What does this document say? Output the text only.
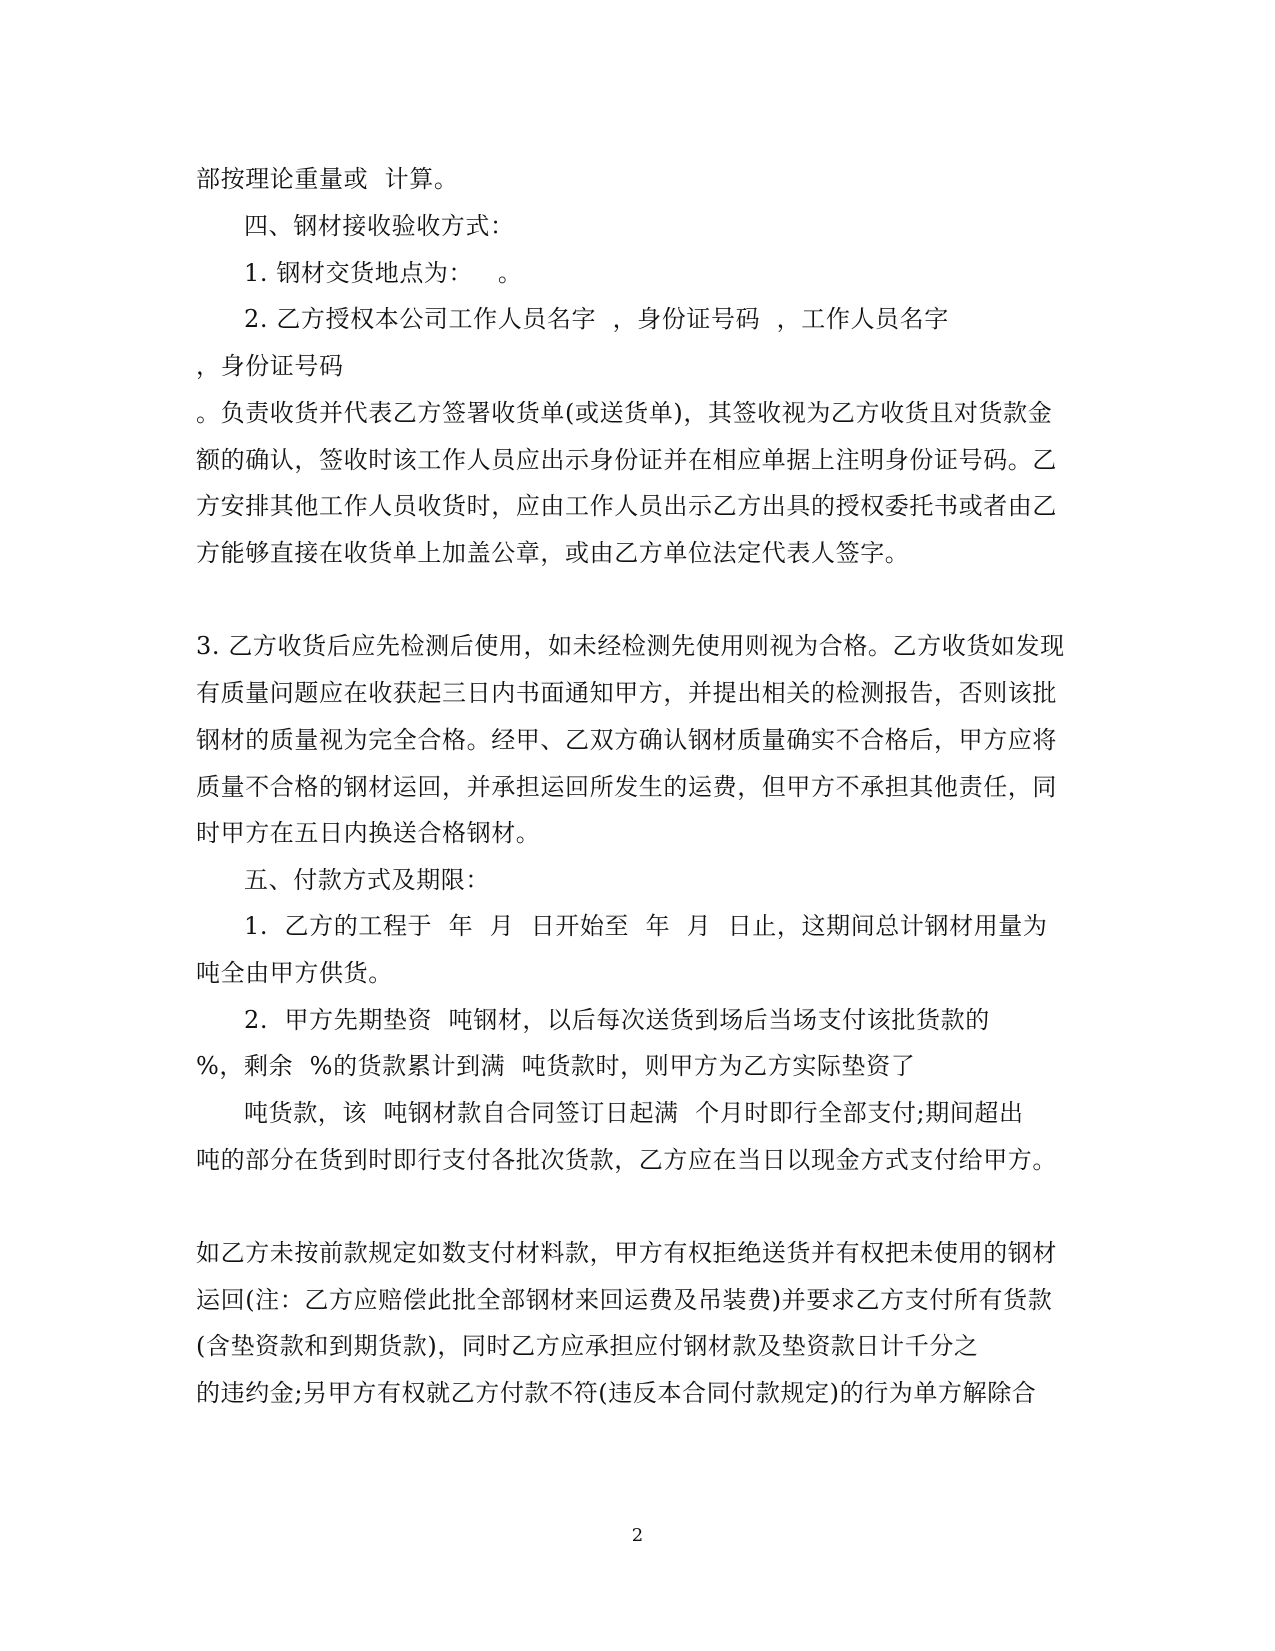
部按理论重量或  计算。
四、钢材接收验收方式：
1. 钢材交货地点为：   。
2. 乙方授权本公司工作人员名字  ，身份证号码  ，工作人员名字
，身份证号码
。负责收货并代表乙方签署收货单(或送货单)，其签收视为乙方收货且对货款金
额的确认，签收时该工作人员应出示身份证并在相应单据上注明身份证号码。乙
方安排其他工作人员收货时，应由工作人员出示乙方出具的授权委托书或者由乙
方能够直接在收货单上加盖公章，或由乙方单位法定代表人签字。
3. 乙方收货后应先检测后使用，如未经检测先使用则视为合格。乙方收货如发现
有质量问题应在收获起三日内书面通知甲方，并提出相关的检测报告，否则该批
钢材的质量视为完全合格。经甲、乙双方确认钢材质量确实不合格后，甲方应将
质量不合格的钢材运回，并承担运回所发生的运费，但甲方不承担其他责任，同
时甲方在五日内换送合格钢材。
五、付款方式及期限：
1.  乙方的工程于  年  月  日开始至  年  月  日止，这期间总计钢材用量为
吨全由甲方供货。
2.  甲方先期垫资  吨钢材，以后每次送货到场后当场支付该批货款的
%，剩余  %的货款累计到满  吨货款时，则甲方为乙方实际垫资了
吨货款，该  吨钢材款自合同签订日起满  个月时即行全部支付;期间超出
吨的部分在货到时即行支付各批次货款，乙方应在当日以现金方式支付给甲方。
如乙方未按前款规定如数支付材料款，甲方有权拒绝送货并有权把未使用的钢材
运回(注：乙方应赔偿此批全部钢材来回运费及吊装费)并要求乙方支付所有货款
(含垫资款和到期货款)，同时乙方应承担应付钢材款及垫资款日计千分之
的违约金;另甲方有权就乙方付款不符(违反本合同付款规定)的行为单方解除合
2
